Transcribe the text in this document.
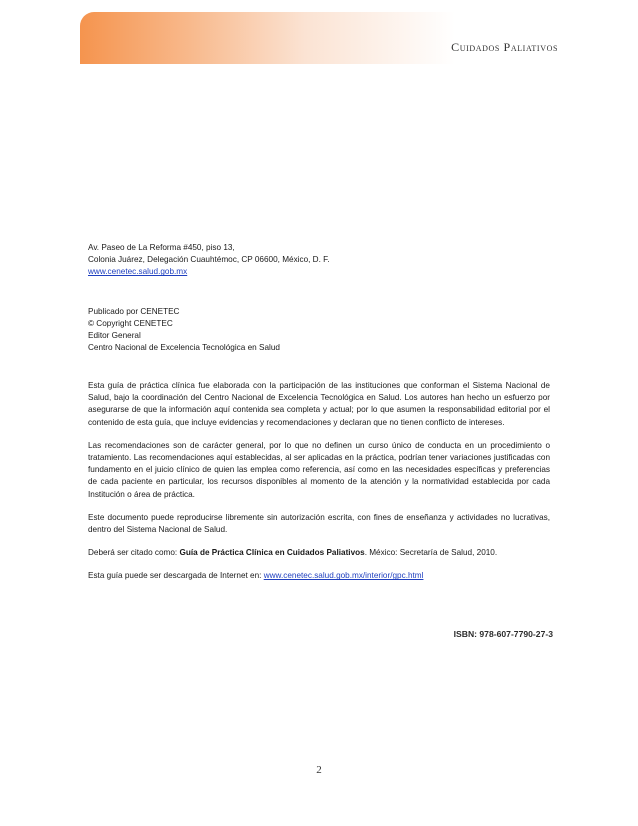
Cuidados Paliativos

Av. Paseo de La Reforma #450, piso 13,

Colonia Juárez, Delegación Cuauhtémoc, CP 06600, México, D. F.

www.cenetec.salud.gob.mx

Publicado por CENETEC

© Copyright CENETEC

Editor General

Centro Nacional de Excelencia Tecnológica en Salud

Esta guía de práctica clínica fue elaborada con la participación de las instituciones que conforman el Sistema Nacional de Salud, bajo la coordinación del Centro Nacional de Excelencia Tecnológica en Salud. Los autores han hecho un esfuerzo por asegurarse de que la información aquí contenida sea completa y actual; por lo que asumen la responsabilidad editorial por el contenido de esta guía, que incluye evidencias y recomendaciones y declaran que no tienen conflicto de intereses.

Las recomendaciones son de carácter general, por lo que no definen un curso único de conducta en un procedimiento o tratamiento. Las recomendaciones aquí establecidas, al ser aplicadas en la práctica, podrían tener variaciones justificadas con fundamento en el juicio clínico de quien las emplea como referencia, así como en las necesidades específicas y preferencias de cada paciente en particular, los recursos disponibles al momento de la atención y la normatividad establecida por cada Institución o área de práctica.

Este documento puede reproducirse libremente sin autorización escrita, con fines de enseñanza y actividades no lucrativas, dentro del Sistema Nacional de Salud.

Deberá ser citado como: Guía de Práctica Clínica en Cuidados Paliativos. México: Secretaría de Salud, 2010.

Esta guía puede ser descargada de Internet en: www.cenetec.salud.gob.mx/interior/gpc.html

ISBN: 978-607-7790-27-3
2
